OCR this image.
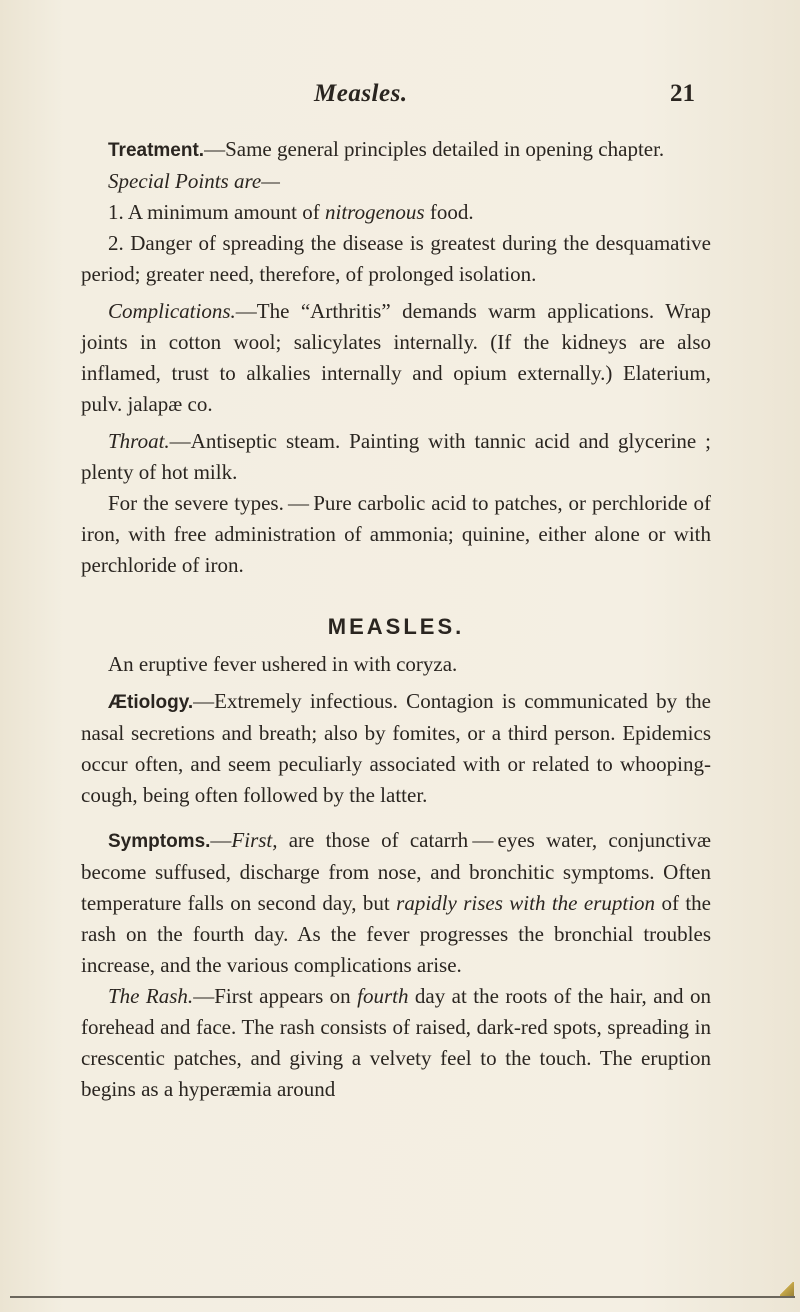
Measles.	21

Treatment.—Same general principles detailed in opening chapter.

Special Points are—

1. A minimum amount of nitrogenous food.

2. Danger of spreading the disease is greatest during the desquamative period; greater need, therefore, of prolonged isolation.

Complications.—The “Arthritis” demands warm applications. Wrap joints in cotton wool; salicylates internally. (If the kidneys are also inflamed, trust to alkalies internally and opium externally.) Elaterium, pulv. jalapæ co.

Throat.—Antiseptic steam. Painting with tannic acid and glycerine ; plenty of hot milk.

For the severe types. — Pure carbolic acid to patches, or perchloride of iron, with free administration of ammonia; quinine, either alone or with perchloride of iron.

MEASLES.

An eruptive fever ushered in with coryza.

Ætiology.—Extremely infectious. Contagion is communicated by the nasal secretions and breath; also by fomites, or a third person. Epidemics occur often, and seem peculiarly associated with or related to whooping-cough, being often followed by the latter.

Symptoms.—First, are those of catarrh — eyes water, conjunctivæ become suffused, discharge from nose, and bronchitic symptoms. Often temperature falls on second day, but rapidly rises with the eruption of the rash on the fourth day. As the fever progresses the bronchial troubles increase, and the various complications arise.

The Rash.—First appears on fourth day at the roots of the hair, and on forehead and face. The rash consists of raised, dark-red spots, spreading in crescentic patches, and giving a velvety feel to the touch. The eruption begins as a hyperæmia around
